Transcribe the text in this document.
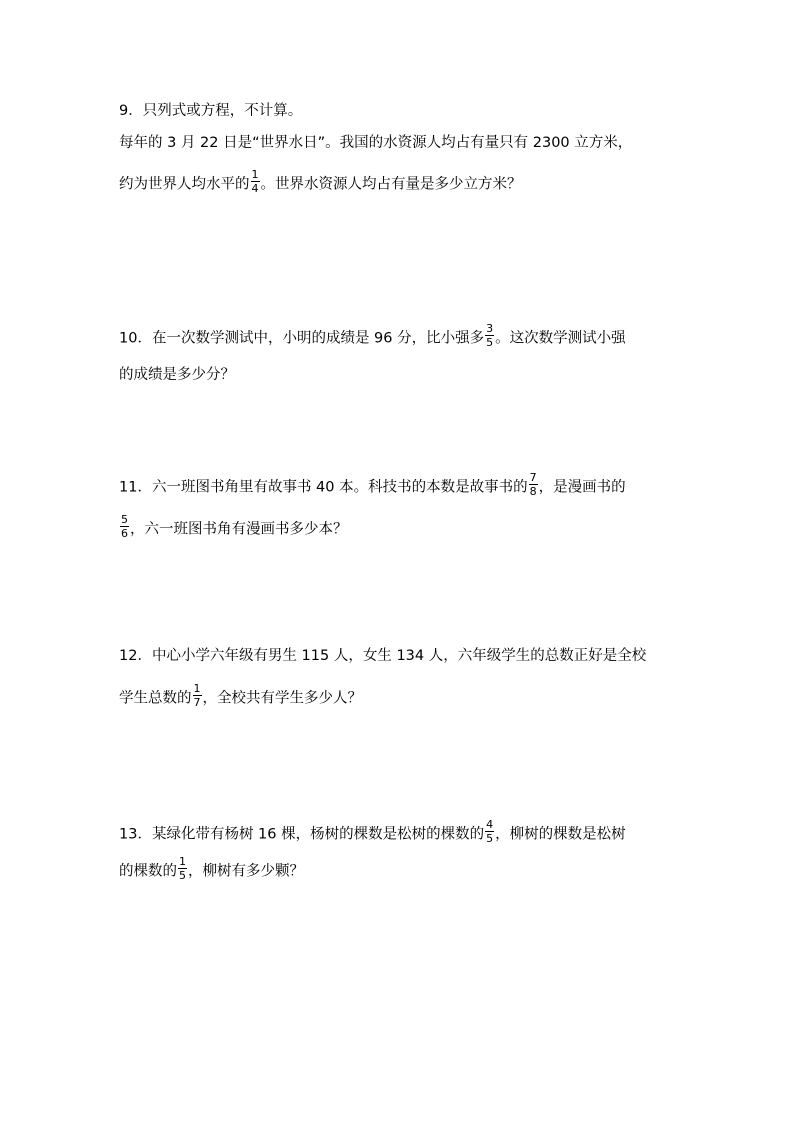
9．只列式或方程，不计算。
每年的 3 月 22 日是“世界水日”。我国的水资源人均占有量只有 2300 立方米，
约为世界人均水平的 $\frac{1}{4}$ 。世界水资源人均占有量是多少立方米？
10．在一次数学测试中，小明的成绩是 96 分，比小强多 $\frac{3}{5}$ 。这次数学测试小强
的成绩是多少分？
11．六一班图书角里有故事书 40 本。科技书的本数是故事书的 $\frac{7}{8}$ ，是漫画书的
$\frac{5}{6}$ ，六一班图书角有漫画书多少本？
12．中心小学六年级有男生 115 人，女生 134 人，六年级学生的总数正好是全校
学生总数的 $\frac{1}{7}$ ，全校共有学生多少人？
13．某绿化带有杨树 16 棵，杨树的棵数是松树的棵数的 $\frac{4}{5}$ ，柳树的棵数是松树
的棵数的 $\frac{1}{5}$ ，柳树有多少颗？
